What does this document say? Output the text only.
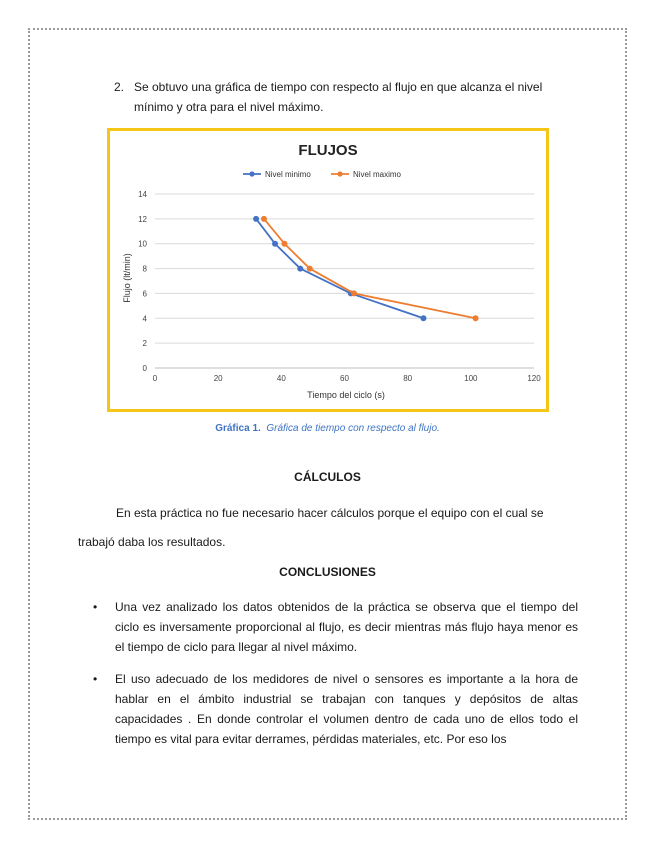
2. Se obtuvo una gráfica de tiempo con respecto al flujo en que alcanza el nivel mínimo y otra para el nivel máximo.
FLUJOS
Nivel minimo	Nivel maximo
0
2
4
6
8
10
12
14
0	20	40	60	80	100	120
Tiempo del ciclo (s)
Flujo (lt/min)
Gráfica 1. Gráfica de tiempo con respecto al flujo.
CÁLCULOS
En esta práctica no fue necesario hacer cálculos porque el equipo con el cual se trabajó daba los resultados.
CONCLUSIONES
• Una vez analizado los datos obtenidos de la práctica se observa que el tiempo del ciclo es inversamente proporcional al flujo, es decir mientras más flujo haya menor es el tiempo de ciclo para llegar al nivel máximo.
• El uso adecuado de los medidores de nivel o sensores es importante a la hora de hablar en el ámbito industrial se trabajan con tanques y depósitos de altas capacidades . En donde controlar el volumen dentro de cada uno de ellos todo el tiempo es vital para evitar derrames, pérdidas materiales, etc. Por eso los
